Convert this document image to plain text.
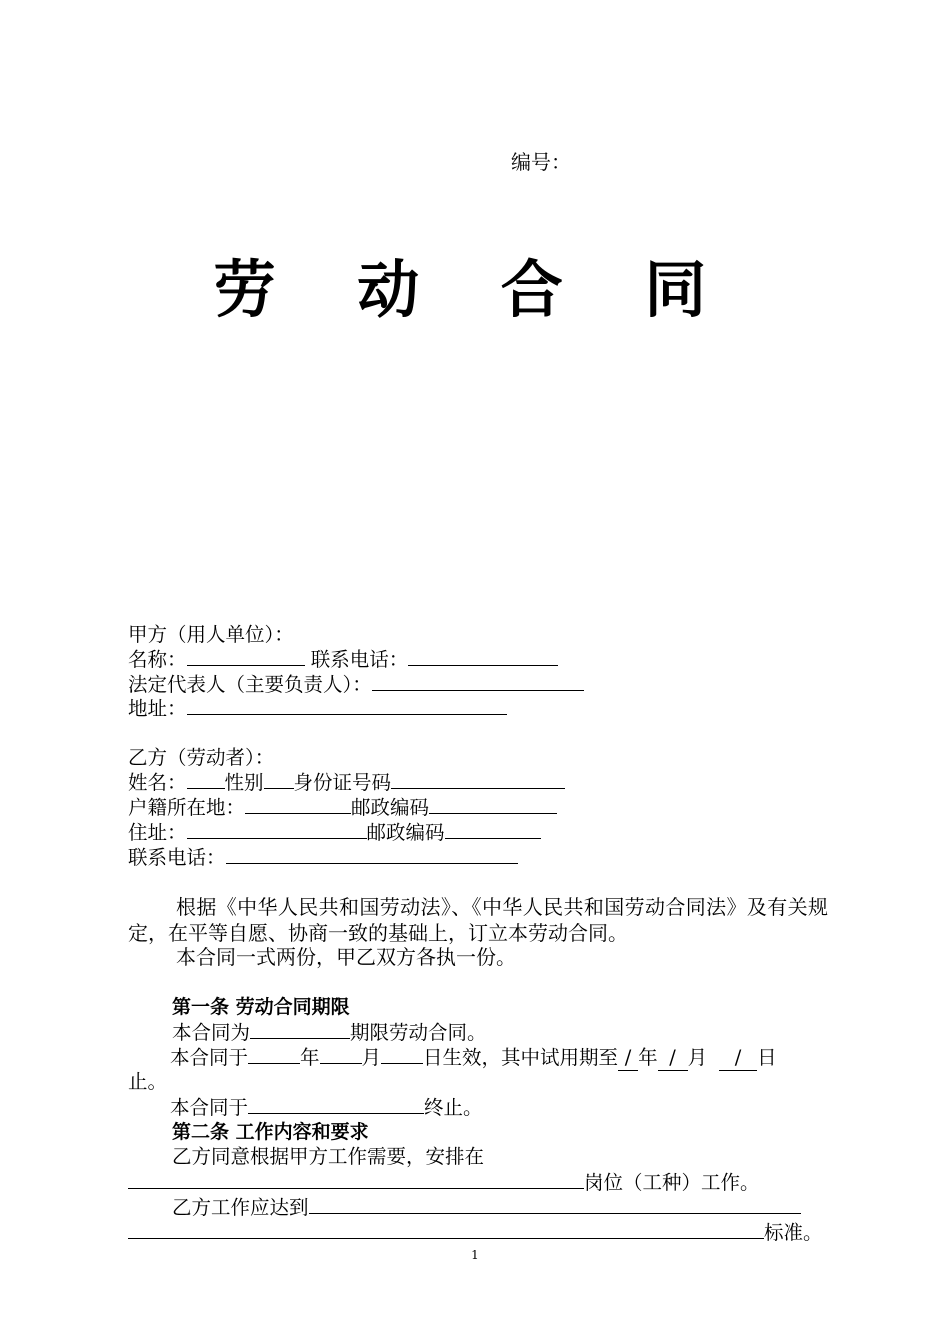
编号：
劳 动 合 同
甲方（用人单位）：
名称：	联系电话：
法定代表人（主要负责人）：
地址：
乙方（劳动者）：
姓名： 性别 身份证号码
户籍所在地：	邮政编码
住址：	邮政编码
联系电话：
根据《中华人民共和国劳动法》、《中华人民共和国劳动合同法》及有关规定，在平等自愿、协商一致的基础上，订立本劳动合同。
本合同一式两份，甲乙双方各执一份。
第一条 劳动合同期限
本合同为	期限劳动合同。
本合同于	年 月 日生效，其中试用期至 / 年 / 月 / 日
止。
本合同于	终止。
第二条 工作内容和要求
乙方同意根据甲方工作需要，安排在
岗位（工种）工作。
乙方工作应达到
标准。
1
